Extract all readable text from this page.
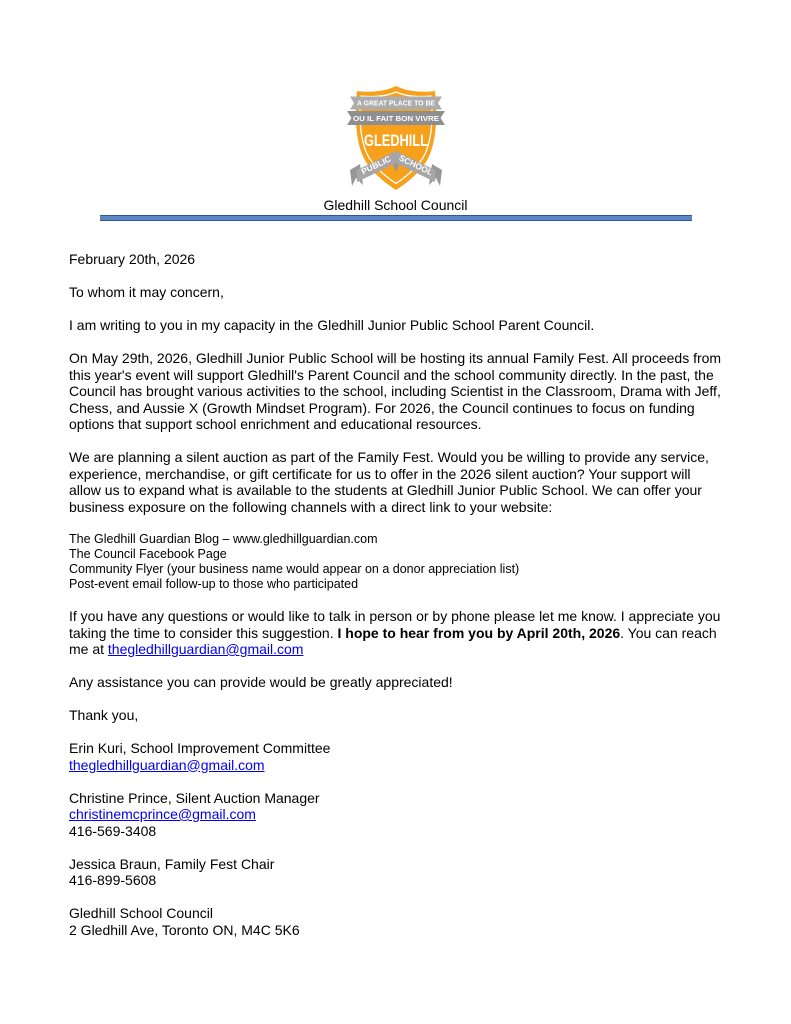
A GREAT PLACE TO BE
OU IL FAIT BON VIVRE
GLEDHILL
PUBLIC SCHOOL
Gledhill School Council
February 20th, 2026
To whom it may concern,
I am writing to you in my capacity in the Gledhill Junior Public School Parent Council.
On May 29th, 2026, Gledhill Junior Public School will be hosting its annual Family Fest. All proceeds from this year's event will support Gledhill's Parent Council and the school community directly. In the past, the Council has brought various activities to the school, including Scientist in the Classroom, Drama with Jeff, Chess, and Aussie X (Growth Mindset Program). For 2026, the Council continues to focus on funding options that support school enrichment and educational resources.
We are planning a silent auction as part of the Family Fest. Would you be willing to provide any service, experience, merchandise, or gift certificate for us to offer in the 2026 silent auction? Your support will allow us to expand what is available to the students at Gledhill Junior Public School. We can offer your business exposure on the following channels with a direct link to your website:
The Gledhill Guardian Blog – www.gledhillguardian.com
The Council Facebook Page
Community Flyer (your business name would appear on a donor appreciation list)
Post-event email follow-up to those who participated
If you have any questions or would like to talk in person or by phone please let me know. I appreciate you taking the time to consider this suggestion. I hope to hear from you by April 20th, 2026. You can reach me at thegledhillguardian@gmail.com
Any assistance you can provide would be greatly appreciated!
Thank you,
Erin Kuri, School Improvement Committee
thegledhillguardian@gmail.com
Christine Prince, Silent Auction Manager
christinemcprince@gmail.com
416-569-3408
Jessica Braun, Family Fest Chair
416-899-5608
Gledhill School Council
2 Gledhill Ave, Toronto ON, M4C 5K6
